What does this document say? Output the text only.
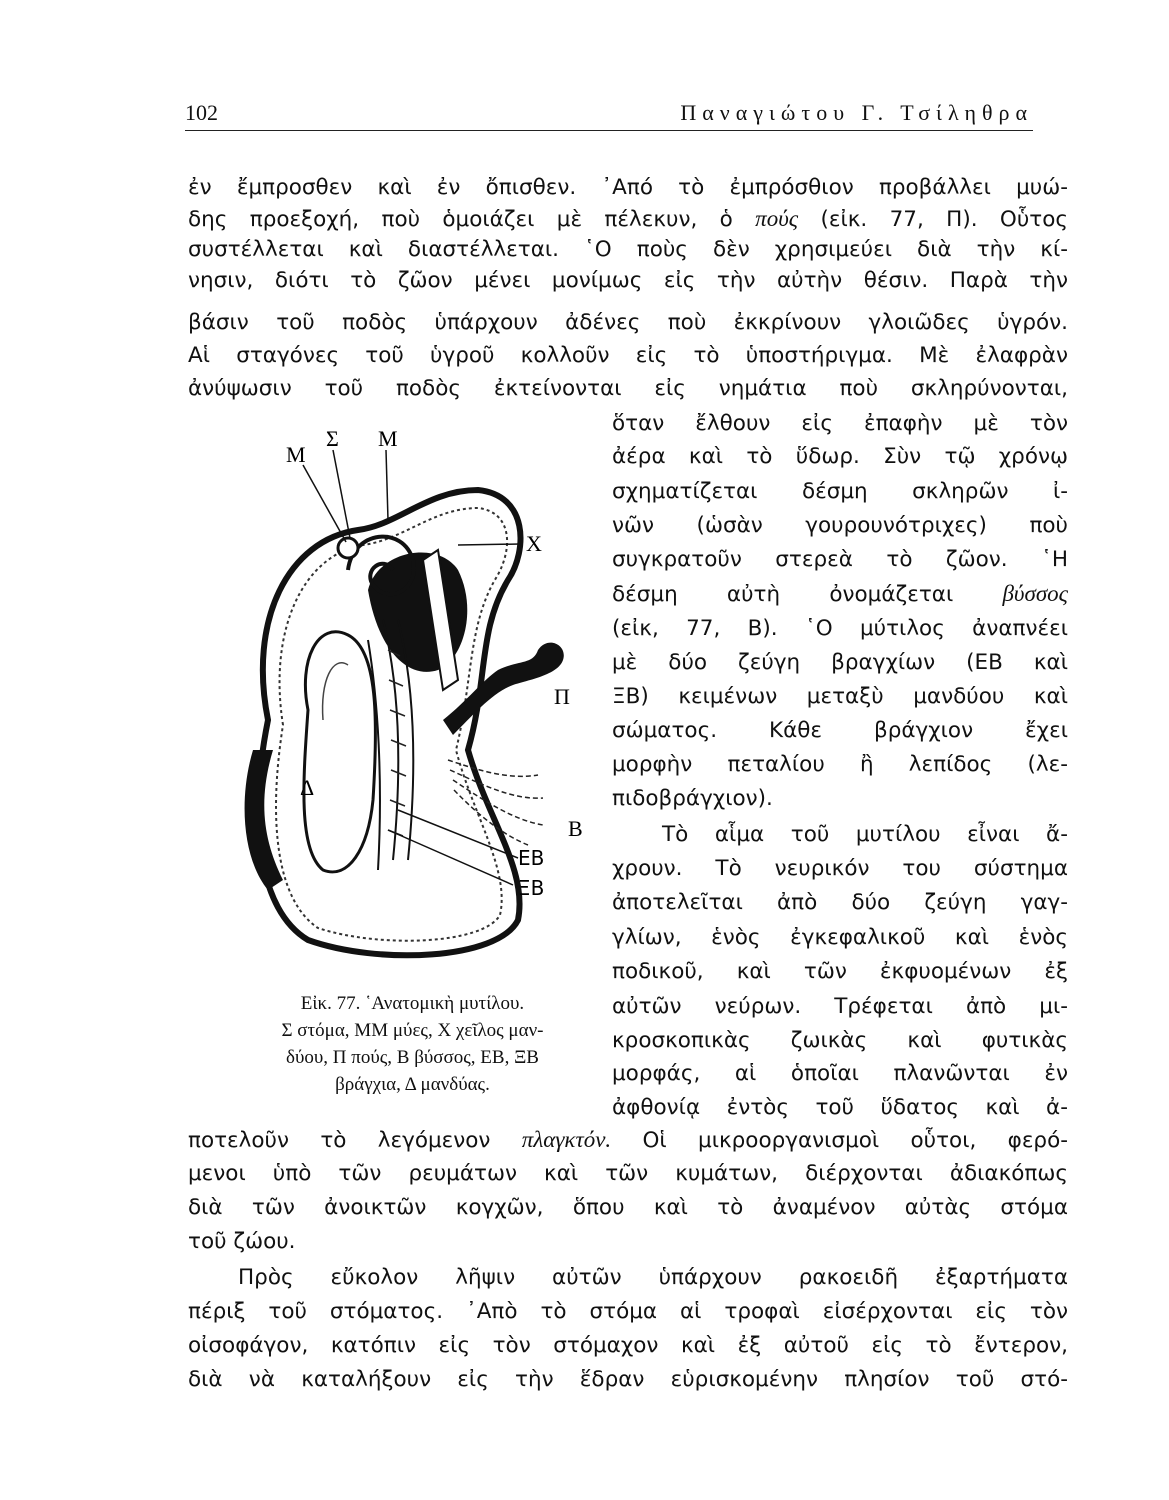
102	Παναγιώτου Γ. Τσίληθρα

ἐν ἔμπροσθεν καὶ ἐν ὄπισθεν. ᾿Από τὸ ἐμπρόσθιον προβάλλει μυώ-

δης προεξοχή, ποὺ ὁμοιάζει μὲ πέλεκυν, ὁ πούς (εἰκ. 77, Π). Οὗτος

συστέλλεται καὶ διαστέλλεται. ῾Ο ποὺς δὲν χρησιμεύει διὰ τὴν κί-

νησιν, διότι τὸ ζῶον μένει μονίμως εἰς τὴν αὐτὴν θέσιν. Παρὰ τὴν

βάσιν τοῦ ποδὸς ὑπάρχουν ἀδένες ποὺ ἐκκρίνουν γλοιῶδες ὑγρόν.

Αἱ σταγόνες τοῦ ὑγροῦ κολλοῦν εἰς τὸ ὑποστήριγμα. Μὲ ἐλαφρὰν

ἀνύψωσιν τοῦ ποδὸς ἐκτείνονται εἰς νημάτια ποὺ σκληρύνονται,

ὅταν ἔλθουν εἰς ἐπαφὴν μὲ τὸν

ἀέρα καὶ τὸ ὕδωρ. Σὺν τῷ χρόνῳ

σχηματίζεται δέσμη σκληρῶν ἰ-

νῶν (ὡσὰν γουρουνότριχες) ποὺ

συγκρατοῦν στερεὰ τὸ ζῶον. ῾Η

δέσμη αὐτὴ ὀνομάζεται βύσσος

(εἰκ, 77, Β). ῾Ο μύτιλος ἀναπνέει

μὲ δύο ζεύγη βραγχίων (ΕΒ καὶ

ΞΒ) κειμένων μεταξὺ μανδύου καὶ

σώματος. Κάθε βράγχιον ἔχει

μορφὴν πεταλίου ἢ λεπίδος (λε-

πιδοβράγχιον).

Τὸ αἷμα τοῦ μυτίλου εἶναι ἄ-

χρουν. Τὸ νευρικόν του σύστημα

ἀποτελεῖται ἀπὸ δύο ζεύγη γαγ-

γλίων, ἑνὸς ἐγκεφαλικοῦ καὶ ἑνὸς

ποδικοῦ, καὶ τῶν ἐκφυομένων ἐξ

αὐτῶν νεύρων. Τρέφεται ἀπὸ μι-

κροσκοπικὰς ζωικὰς καὶ φυτικὰς

μορφάς, αἱ ὁποῖαι πλανῶνται ἐν

ἀφθονίᾳ ἐντὸς τοῦ ὕδατος καὶ ἀ-

Μ
Σ Μ
Χ
Π
Δ
Β
ΕΒ
ΞΒ

Εἰκ. 77. ῾Ανατομικὴ μυτίλου.

Σ στόμα, ΜΜ μύες, Χ χεῖλος μαν-

δύου, Π πούς, Β βύσσος, ΕΒ, ΞΒ

βράγχια, Δ μανδύας.

ποτελοῦν τὸ λεγόμενον πλαγκτόν. Οἱ μικροοργανισμοὶ οὗτοι, φερό-

μενοι ὑπὸ τῶν ρευμάτων καὶ τῶν κυμάτων, διέρχονται ἀδιακόπως

διὰ τῶν ἀνοικτῶν κογχῶν, ὅπου καὶ τὸ ἀναμένον αὐτὰς στόμα

τοῦ ζώου.

Πρὸς εὔκολον λῆψιν αὐτῶν ὑπάρχουν ρακοειδῆ ἐξαρτήματα

πέριξ τοῦ στόματος. ᾿Απὸ τὸ στόμα αἱ τροφαὶ εἰσέρχονται εἰς τὸν

οἰσοφάγον, κατόπιν εἰς τὸν στόμαχον καὶ ἐξ αὐτοῦ εἰς τὸ ἔντερον,

διὰ νὰ καταλήξουν εἰς τὴν ἕδραν εὑρισκομένην πλησίον τοῦ στό-
